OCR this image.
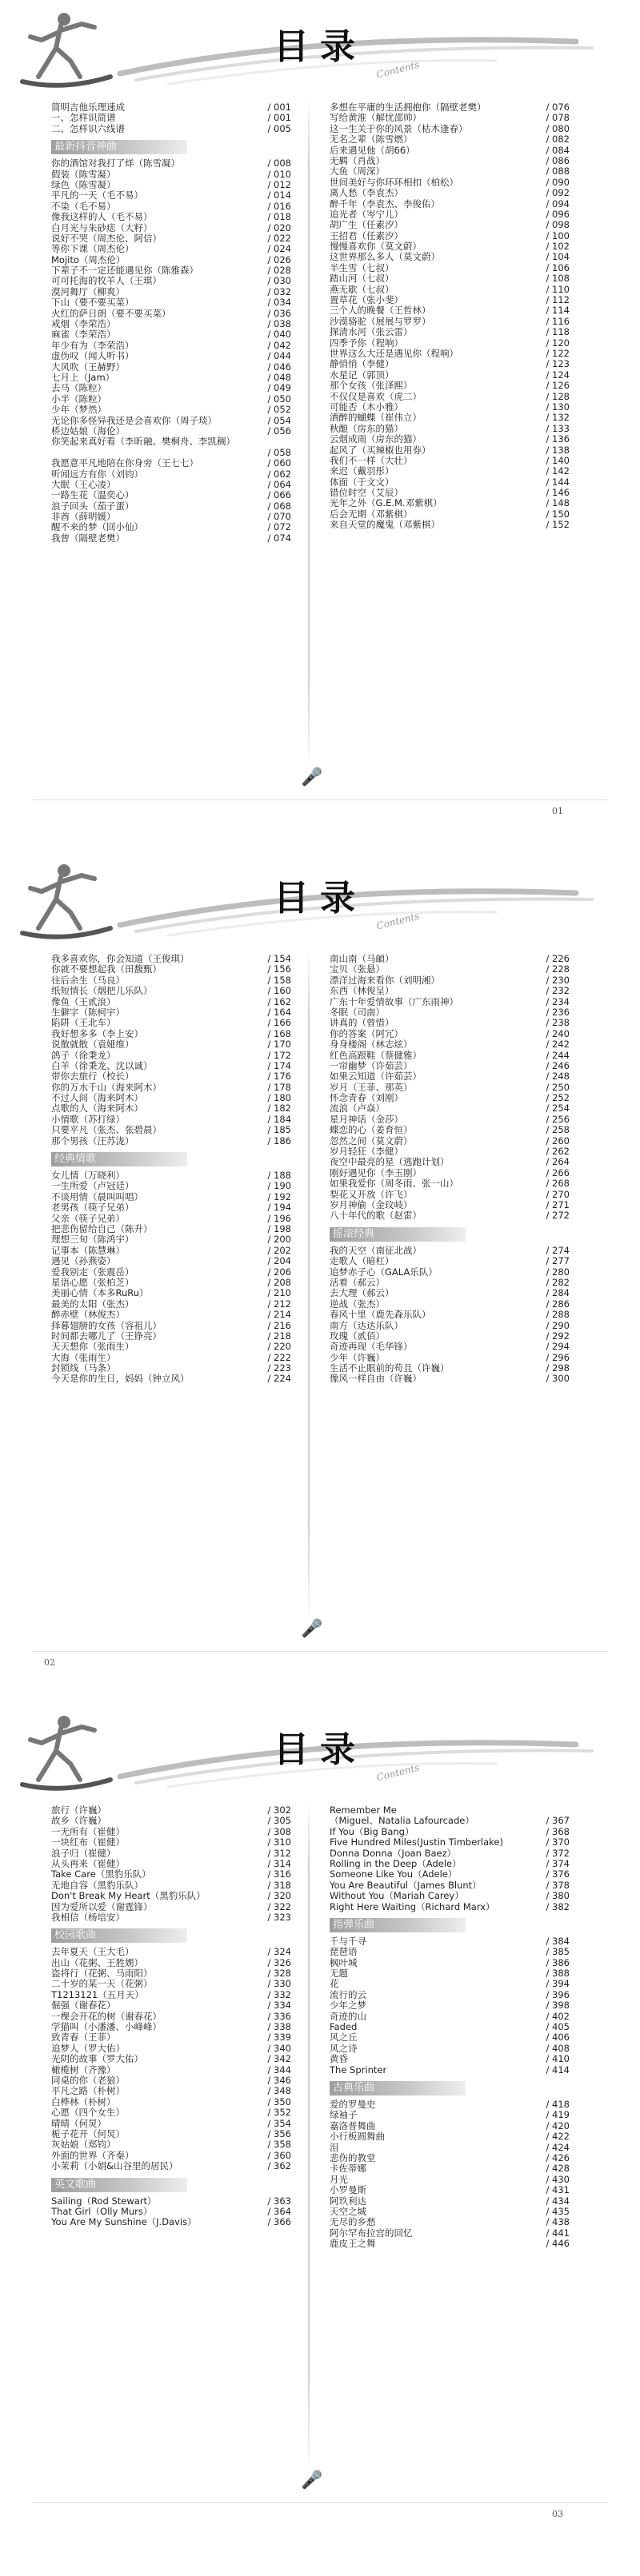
目录
Contents
简明吉他乐理速成	/ 001
一、怎样识简谱	/ 001
二、怎样识六线谱	/ 005
最新抖音神曲
你的酒馆对我打了烊（陈雪凝）	/ 008
假装（陈雪凝）	/ 010
绿色（陈雪凝）	/ 012
平凡的一天（毛不易）	/ 014
不染（毛不易）	/ 016
像我这样的人（毛不易）	/ 018
白月光与朱砂痣（大籽）	/ 020
说好不哭（周杰伦、阿信）	/ 022
等你下课（周杰伦）	/ 024
Mojito（周杰伦）	/ 026
下辈子不一定还能遇见你（陈雅森）	/ 028
可可托海的牧羊人（王琪）	/ 030
漠河舞厅（柳爽）	/ 032
下山（要不要买菜）	/ 034
火红的萨日朗（要不要买菜）	/ 036
戒烟（李荣浩）	/ 038
麻雀（李荣浩）	/ 040
年少有为（李荣浩）	/ 042
虚伪叹（闻人听书）	/ 044
大风吹（王赫野）	/ 046
七月上（Jam）	/ 048
去马（陈粒）	/ 049
小半（陈粒）	/ 050
少年（梦然）	/ 052
无论你多怪异我还是会喜欢你（周子琰）	/ 054
桥边姑娘（海伦）	/ 056
你笑起来真好看（李昕融、樊桐舟、李凯稠）
/ 058
我愿意平凡地陪在你身旁（王七七）	/ 060
听闻远方有你（刘钧）	/ 062
大眠（王心凌）	/ 064
一路生花（温奕心）	/ 066
浪子回头（茄子蛋）	/ 068
非酋（薛明媛）	/ 070
醒不来的梦（回小仙）	/ 072
我曾（隔壁老樊）	/ 074
🎤
多想在平庸的生活拥抱你（隔壁老樊）	/ 076
写给黄淮（解忧邵帅）	/ 078
这一生关于你的风景（枯木逢春）	/ 080
无名之辈（陈雪燃）	/ 082
后来遇见他（胡66）	/ 084
无羁（肖战）	/ 086
大鱼（周深）	/ 088
世间美好与你环环相扣（柏松）	/ 090
离人愁（李袁杰）	/ 092
醉千年（李袁杰、李俊佑）	/ 094
追光者（岑宁儿）	/ 096
胡广生（任素汐）	/ 098
王招君（任素汐）	/ 100
慢慢喜欢你（莫文蔚）	/ 102
这世界那么多人（莫文蔚）	/ 104
半生雪（七叔）	/ 106
踏山河（七叔）	/ 108
燕无歇（七叔）	/ 110
置草花（张小斐）	/ 112
三个人的晚餐（王哲林）	/ 114
沙漠骆驼（展展与罗罗）	/ 116
探清水河（张云雷）	/ 118
四季予你（程响）	/ 120
世界这么大还是遇见你（程响）	/ 122
静悄悄（李健）	/ 123
水星记（郭顶）	/ 124
那个女孩（张泽熙）	/ 126
不仅仅是喜欢（虎二）	/ 128
可能否（木小雅）	/ 130
酒醉的蝴蝶（崔伟立）	/ 132
秋酿（房东的猫）	/ 133
云烟成雨（房东的猫）	/ 136
起风了（买辣椒也用券）	/ 138
我们不一样（大壮）	/ 140
来迟（戴羽彤）	/ 142
体面（于文文）	/ 144
错位时空（艾辰）	/ 146
光年之外（G.E.M.邓紫棋）	/ 148
后会无期（邓紫棋）	/ 150
来自天堂的魔鬼（邓紫棋）	/ 152
01
目录
Contents
我多喜欢你，你会知道（王俊琪）	/ 154
你就不要想起我（田馥甄）	/ 156
往后余生（马良）	/ 158
纸短情长（烟把儿乐队）	/ 160
像鱼（王贰浪）	/ 162
生僻字（陈柯宇）	/ 164
陷阱（王北车）	/ 166
我好想多多（李上安）	/ 168
说散就散（袁娅维）	/ 170
鸽子（徐秉龙）	/ 172
白羊（徐秉龙、沈以诚）	/ 174
带你去旅行（校长）	/ 176
你的万水千山（海来阿木）	/ 178
不过人间（海来阿木）	/ 180
点歌的人（海来阿木）	/ 182
小情歌（苏打绿）	/ 184
只要平凡（张杰、张碧晨）	/ 185
那个男孩（汪苏泷）	/ 186
经典情歌
女儿情（万晓利）	/ 188
一生所爱（卢冠廷）	/ 190
不谈用情（晨叫叫唱）	/ 192
老男孩（筷子兄弟）	/ 194
父亲（筷子兄弟）	/ 196
把悲伤留给自己（陈升）	/ 198
理想三旬（陈鸿宇）	/ 200
记事本（陈慧琳）	/ 202
遇见（孙燕姿）	/ 204
爱我别走（张震岳）	/ 206
星语心愿（张柏芝）	/ 208
美丽心情（本多RuRu）	/ 210
最美的太阳（张杰）	/ 212
醉赤壁（林俊杰）	/ 214
择暮翅膀的女孩（容祖儿）	/ 216
时间都去哪儿了（王铮亮）	/ 218
天天想你（张雨生）	/ 220
大海（张雨生）	/ 222
封锁线（马条）	/ 223
今天是你的生日，妈妈（钟立风）	/ 224
🎤
南山南（马頔）	/ 226
宝贝（张悬）	/ 228
漂洋过海来看你（刘明湘）	/ 230
东西（林俊呈）	/ 232
广东十年爱情故事（广东雨神）	/ 234
冬眠（司南）	/ 236
讲真的（曾惜）	/ 238
你的答案（阿冗）	/ 240
身身楼阁（林志炫）	/ 242
红色高跟鞋（蔡健雅）	/ 244
一帘幽梦（许茹芸）	/ 246
如果云知道（许茹芸）	/ 248
岁月（王菲、那英）	/ 250
怀念青春（刘刚）	/ 252
流浪（卢焱）	/ 254
星月神话（金莎）	/ 256
蝶恋的心（姜育恒）	/ 258
忽然之间（莫文蔚）	/ 260
岁月轻狂（李健）	/ 262
夜空中最亮的星（逃跑计划）	/ 264
刚好遇见你（李玉刚）	/ 266
如果我爱你（周冬雨、张一山）	/ 268
梨花又开放（许飞）	/ 270
岁月神偷（金玟岐）	/ 271
八十年代的歌（赵雷）	/ 272
摇滚经典
我的天空（南征北战）	/ 274
走歌人（暗杠）	/ 277
追梦赤子心（GALA乐队）	/ 280
活着（郝云）	/ 282
去大理（郝云）	/ 284
逆战（张杰）	/ 286
春风十里（鹿先森乐队）	/ 288
南方（达达乐队）	/ 290
玫瑰（贰佰）	/ 292
奇迹再现（毛华锋）	/ 294
少年（许巍）	/ 296
生活不止眼前的苟且（许巍）	/ 298
像风一样自由（许巍）	/ 300
02
目录
Contents
旅行（许巍）	/ 302
故乡（许巍）	/ 305
一无所有（崔健）	/ 308
一块红布（崔健）	/ 310
浪子归（崔健）	/ 312
从头再来（崔健）	/ 314
Take Care（黑豹乐队）	/ 316
无地自容（黑豹乐队）	/ 318
Don't Break My Heart（黑豹乐队）	/ 320
因为爱所以爱（谢霆锋）	/ 322
我相信（杨培安）	/ 323
校园歌曲
去年夏天（王大毛）	/ 324
出山（花粥、王胜娚）	/ 326
盗将行（花粥、马雨阳）	/ 328
二十岁的某一天（花粥）	/ 330
T1213121（五月天）	/ 332
倔强（谢春花）	/ 334
一棵会开花的树（谢春花）	/ 336
学猫叫（小潘潘、小峰峰）	/ 338
致青春（王菲）	/ 339
追梦人（罗大佑）	/ 340
光阴的故事（罗大佑）	/ 342
橄榄树（齐豫）	/ 344
同桌的你（老狼）	/ 346
平凡之路（朴树）	/ 348
白桦林（朴树）	/ 350
心愿（四个女生）	/ 352
晴晴（何炅）	/ 354
栀子花开（何炅）	/ 356
灰姑娘（郑钧）	/ 358
外面的世界（齐秦）	/ 360
小茉莉（小娟&山谷里的居民）	/ 362
英文歌曲
Sailing（Rod Stewart）	/ 363
That Girl（Olly Murs）	/ 364
You Are My Sunshine（J.Davis）	/ 366
🎤
Remember Me
（Miguel、Natalia Lafourcade）	/ 367
If You（Big Bang）	/ 368
Five Hundred Miles(Justin Timberlake)	/ 370
Donna Donna（Joan Baez）	/ 372
Rolling in the Deep（Adele）	/ 374
Someone Like You（Adele）	/ 376
You Are Beautiful（James Blunt）	/ 378
Without You（Mariah Carey）	/ 380
Right Here Waiting（Richard Marx）	/ 382
指弹乐曲
千与千寻	/ 384
琵琶语	/ 385
枫叶城	/ 386
无题	/ 388
花	/ 394
流行的云	/ 396
少年之梦	/ 398
奇迹的山	/ 402
Faded	/ 405
风之丘	/ 406
风之诗	/ 408
黄昏	/ 410
The Sprinter	/ 414
古典乐曲
爱的罗曼史	/ 418
绿袖子	/ 419
嘉洛普舞曲	/ 420
小行板圆舞曲	/ 422
泪	/ 424
悲伤的教堂	/ 426
卡佐蒂娜	/ 428
月光	/ 430
小罗曼斯	/ 431
阿玖利达	/ 434
天空之城	/ 435
无尽的乡愁	/ 438
阿尔罕布拉宫的回忆	/ 441
鹿皮王之舞	/ 446
03
